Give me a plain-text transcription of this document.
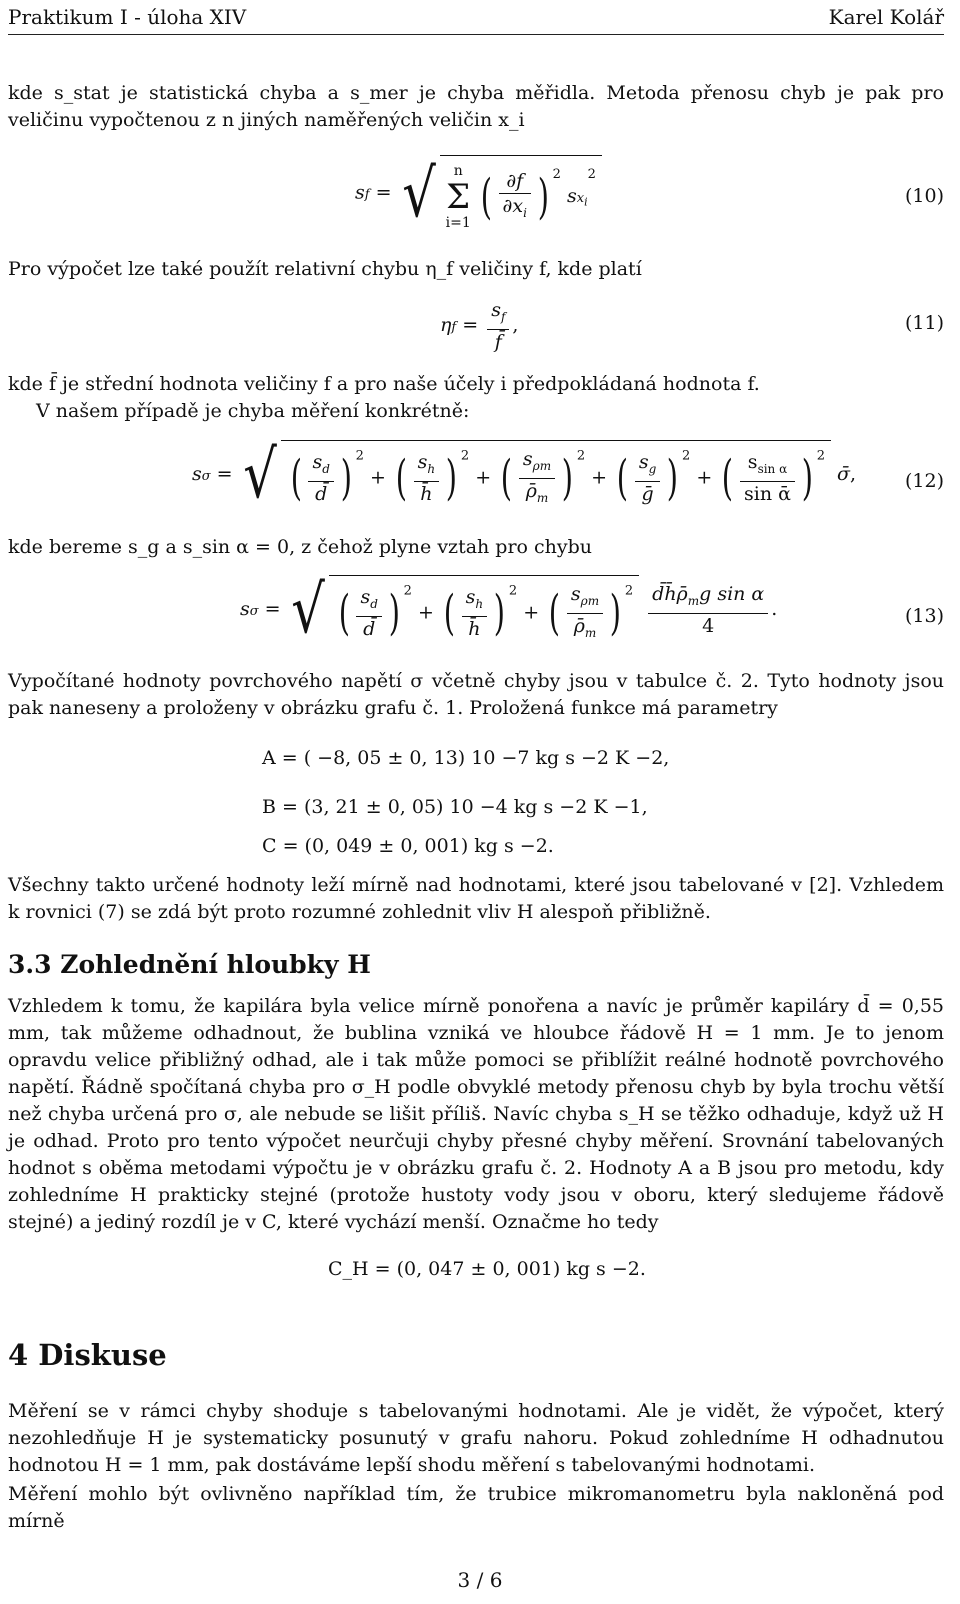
Praktikum I - úloha XIV	Karel Kolář
kde s_stat je statistická chyba a s_mer je chyba měřidla. Metoda přenosu chyb je pak pro veličinu vypočtenou z n jiných naměřených veličin x_i
sf = √ n
Σ
i=1 ( $\frac{\partial f}{\partial x_i}$ ) $^2$ $sx_i^2$
(10)
Pro výpočet lze také použít relativní chybu η_f veličiny f, kde platí
$\eta f = \frac{s_f}{f̄}$ ,	(11)
kde f̄ je střední hodnota veličiny f a pro naše účely i předpokládaná hodnota f.
V našem případě je chyba měření konkrétně:
sσ = √ ( $\frac{s_d}{d̄}$ ) $^2$ + ( $\frac{s_h}{h̄}$ ) $^2$ + ( $\frac{s_{\rho m}}{\rhō_m}$ ) $^2$ + ( $\frac{s_g}{\text{ḡ}}$ ) $^2$ + ( $\frac{s_{sin \alpha}}{\text{sin ᾱ}}$ ) $^2$ σ̄,	(12)
kde bereme s_g a s_sin α = 0, z čehož plyne vztah pro chybu
sσ = √ ( $\frac{s_d}{d̄}$ ) $^2$ + ( $\frac{s_h}{h̄}$ ) $^2$ + ( $\frac{s_{\rho m}}{\rhō_m}$ ) $^2 \frac{d̄h̄\rhō_mg \sin \alpha}{4}$ .	(13)
Vypočítané hodnoty povrchového napětí σ včetně chyby jsou v tabulce č. 2. Tyto hodnoty jsou pak naneseny a proloženy v obrázku grafu č. 1. Proložená funkce má parametry
A = ( −8, 05 ± 0, 13) 10 −7 kg s −2 K −2,
B = (3, 21 ± 0, 05) 10 −4 kg s −2 K −1,
C = (0, 049 ± 0, 001) kg s −2.
Všechny takto určené hodnoty leží mírně nad hodnotami, které jsou tabelované v [2]. Vzhledem k rovnici (7) se zdá být proto rozumné zohlednit vliv H alespoň přibližně.
3.3 Zohlednění hloubky H
Vzhledem k tomu, že kapilára byla velice mírně ponořena a navíc je průměr kapiláry d̄ = 0,55 mm, tak můžeme odhadnout, že bublina vzniká ve hloubce řádově H = 1 mm. Je to jenom opravdu velice přibližný odhad, ale i tak může pomoci se přiblížit reálné hodnotě povrchového napětí. Řádně spočítaná chyba pro σ_H podle obvyklé metody přenosu chyb by byla trochu větší než chyba určená pro σ, ale nebude se lišit příliš. Navíc chyba s_H se těžko odhaduje, když už H je odhad. Proto pro tento výpočet neurčuji chyby přesné chyby měření. Srovnání tabelovaných hodnot s oběma metodami výpočtu je v obrázku grafu č. 2. Hodnoty A a B jsou pro metodu, kdy zohledníme H prakticky stejné (protože hustoty vody jsou v oboru, který sledujeme řádově stejné) a jediný rozdíl je v C, které vychází menší. Označme ho tedy
C_H = (0, 047 ± 0, 001) kg s −2.
4 Diskuse
Měření se v rámci chyby shoduje s tabelovanými hodnotami. Ale je vidět, že výpočet, který nezohledňuje H je systematicky posunutý v grafu nahoru. Pokud zohledníme H odhadnutou hodnotou H = 1 mm, pak dostáváme lepší shodu měření s tabelovanými hodnotami.
Měření mohlo být ovlivněno například tím, že trubice mikromanometru byla nakloněná pod mírně
3 / 6
